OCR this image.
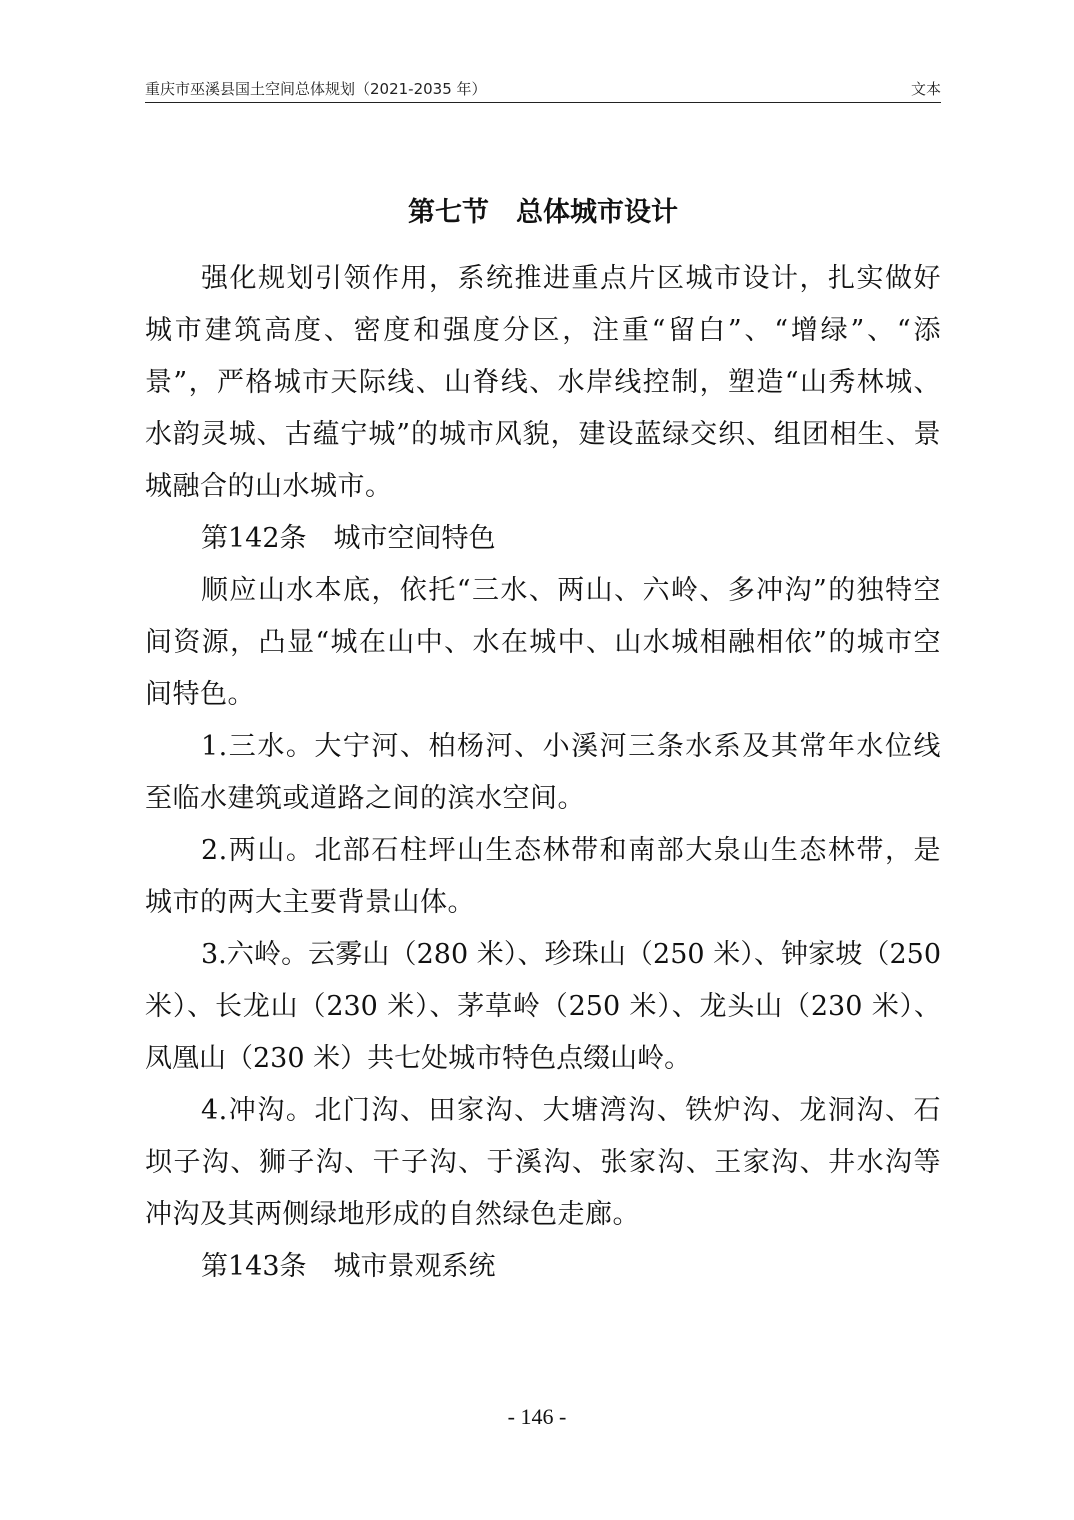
重庆市巫溪县国土空间总体规划（2021-2035 年）	文本
第七节　总体城市设计

强化规划引领作用，系统推进重点片区城市设计，扎实做好城市建筑高度、密度和强度分区，注重“留白”、“增绿”、“添景”，严格城市天际线、山脊线、水岸线控制，塑造“山秀林城、水韵灵城、古蕴宁城”的城市风貌，建设蓝绿交织、组团相生、景城融合的山水城市。

第142条　城市空间特色

顺应山水本底，依托“三水、两山、六岭、多冲沟”的独特空间资源，凸显“城在山中、水在城中、山水城相融相依”的城市空间特色。

1.三水。大宁河、柏杨河、小溪河三条水系及其常年水位线至临水建筑或道路之间的滨水空间。

2.两山。北部石柱坪山生态林带和南部大泉山生态林带，是城市的两大主要背景山体。

3.六岭。云雾山（280 米）、珍珠山（250 米）、钟家坡（250 米）、长龙山（230 米）、茅草岭（250 米）、龙头山（230 米）、凤凰山（230 米）共七处城市特色点缀山岭。

4.冲沟。北门沟、田家沟、大塘湾沟、铁炉沟、龙洞沟、石坝子沟、狮子沟、干子沟、于溪沟、张家沟、王家沟、井水沟等冲沟及其两侧绿地形成的自然绿色走廊。

第143条　城市景观系统

- 146 -
